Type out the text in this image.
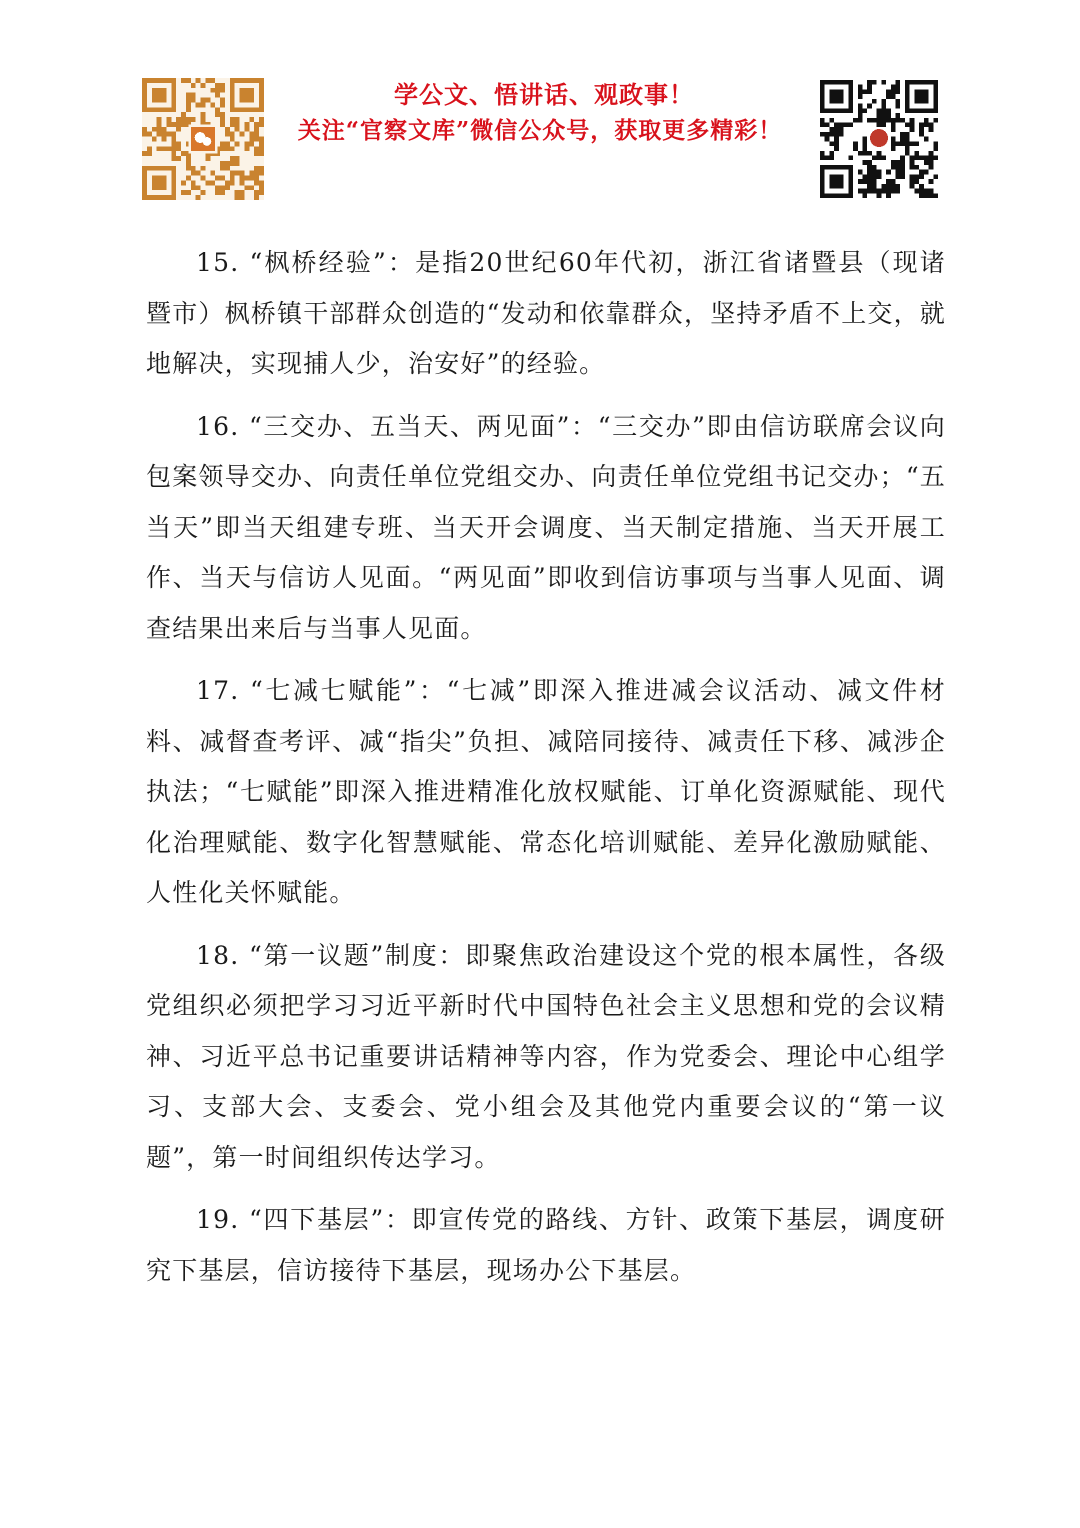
学公文、悟讲话、观政事！
关注“官察文库”微信公众号，获取更多精彩！

15. “枫桥经验”：是指20世纪60年代初，浙江省诸暨县（现诸暨市）枫桥镇干部群众创造的“发动和依靠群众，坚持矛盾不上交，就地解决，实现捕人少，治安好”的经验。

16. “三交办、五当天、两见面”：“三交办”即由信访联席会议向包案领导交办、向责任单位党组交办、向责任单位党组书记交办；“五当天”即当天组建专班、当天开会调度、当天制定措施、当天开展工作、当天与信访人见面。“两见面”即收到信访事项与当事人见面、调查结果出来后与当事人见面。

17. “七减七赋能”：“七减”即深入推进减会议活动、减文件材料、减督查考评、减“指尖”负担、减陪同接待、减责任下移、减涉企执法；“七赋能”即深入推进精准化放权赋能、订单化资源赋能、现代化治理赋能、数字化智慧赋能、常态化培训赋能、差异化激励赋能、人性化关怀赋能。

18. “第一议题”制度：即聚焦政治建设这个党的根本属性，各级党组织必须把学习习近平新时代中国特色社会主义思想和党的会议精神、习近平总书记重要讲话精神等内容，作为党委会、理论中心组学习、支部大会、支委会、党小组会及其他党内重要会议的“第一议题”，第一时间组织传达学习。

19. “四下基层”：即宣传党的路线、方针、政策下基层，调度研究下基层，信访接待下基层，现场办公下基层。
